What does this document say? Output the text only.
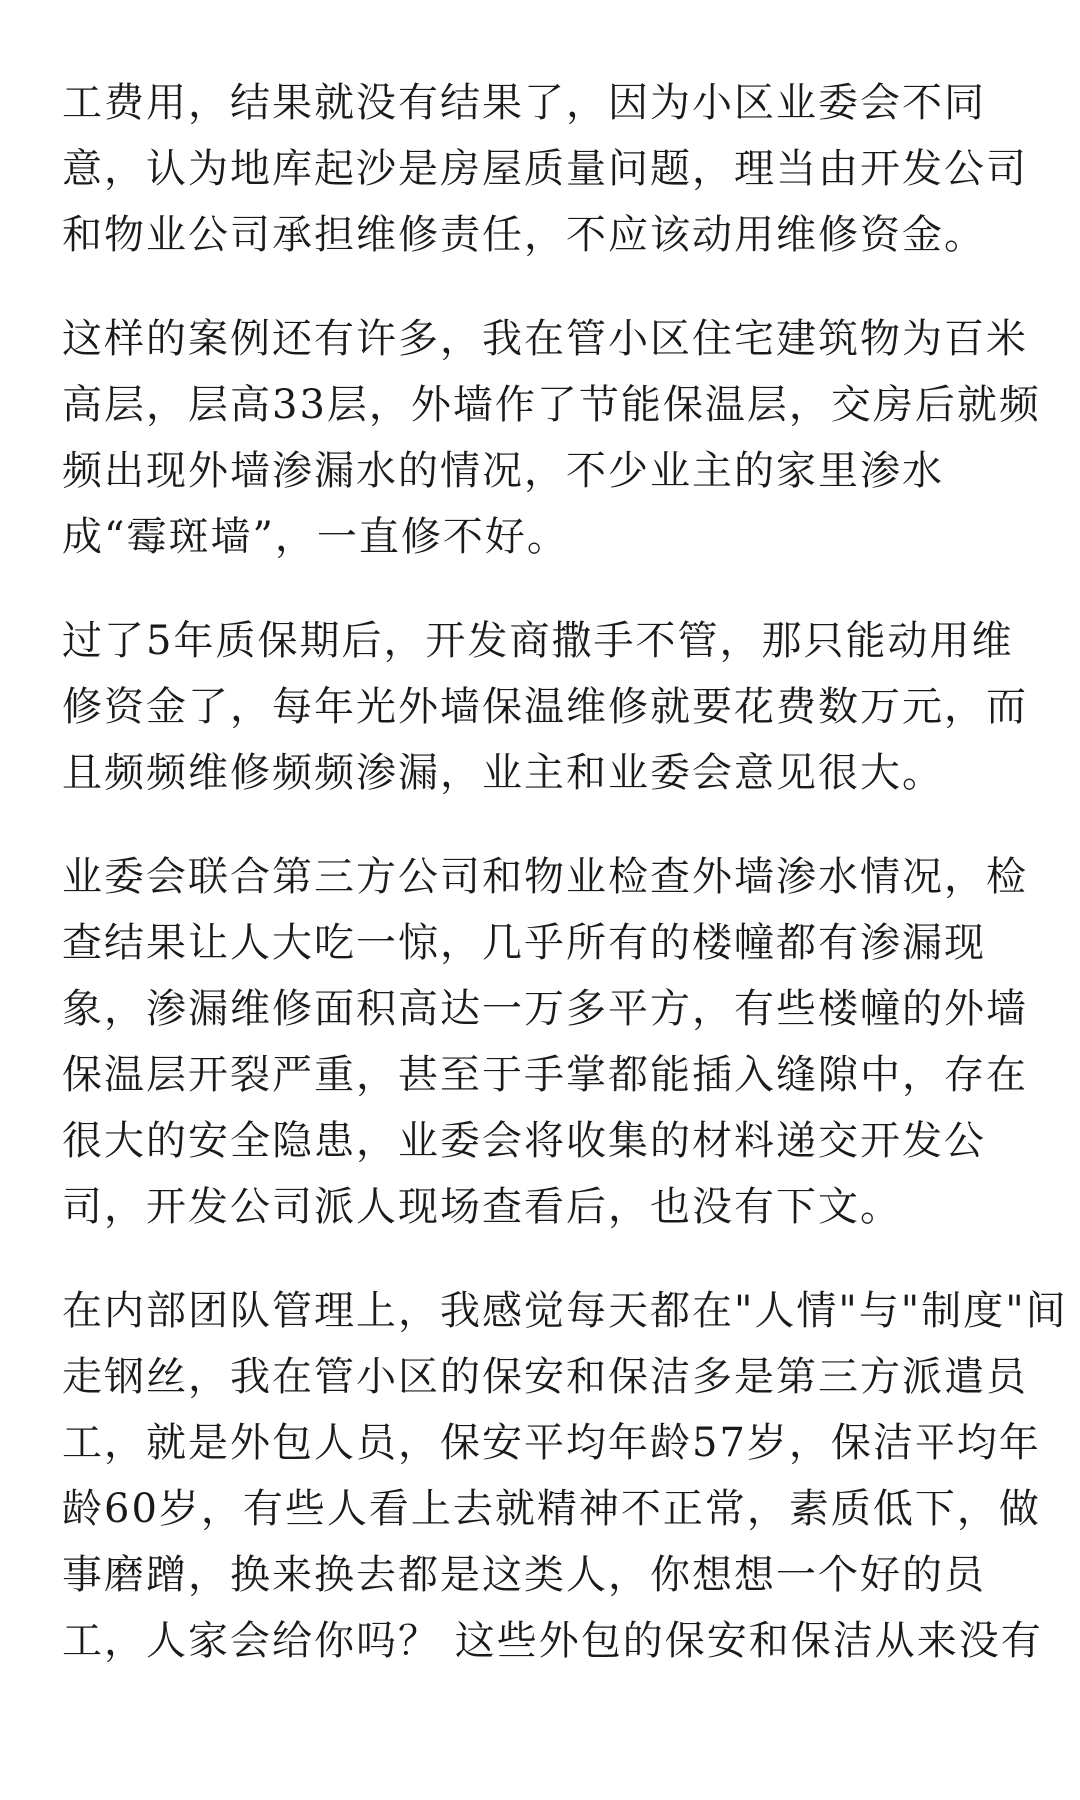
工费用，结果就没有结果了，因为小区业委会不同
意，认为地库起沙是房屋质量问题，理当由开发公司
和物业公司承担维修责任，不应该动用维修资金。

这样的案例还有许多，我在管小区住宅建筑物为百米
高层，层高33层，外墙作了节能保温层，交房后就频
频出现外墙渗漏水的情况，不少业主的家里渗水
成“霉斑墙”，一直修不好。

过了5年质保期后，开发商撒手不管，那只能动用维
修资金了，每年光外墙保温维修就要花费数万元，而
且频频维修频频渗漏，业主和业委会意见很大。

业委会联合第三方公司和物业检查外墙渗水情况，检
查结果让人大吃一惊，几乎所有的楼幢都有渗漏现
象，渗漏维修面积高达一万多平方，有些楼幢的外墙
保温层开裂严重，甚至于手掌都能插入缝隙中，存在
很大的安全隐患，业委会将收集的材料递交开发公
司，开发公司派人现场查看后，也没有下文。

在内部团队管理上，我感觉每天都在"人情"与"制度"间
走钢丝，我在管小区的保安和保洁多是第三方派遣员
工，就是外包人员，保安平均年龄57岁，保洁平均年
龄60岁，有些人看上去就精神不正常，素质低下，做
事磨蹭，换来换去都是这类人，你想想一个好的员
工，人家会给你吗？ 这些外包的保安和保洁从来没有
